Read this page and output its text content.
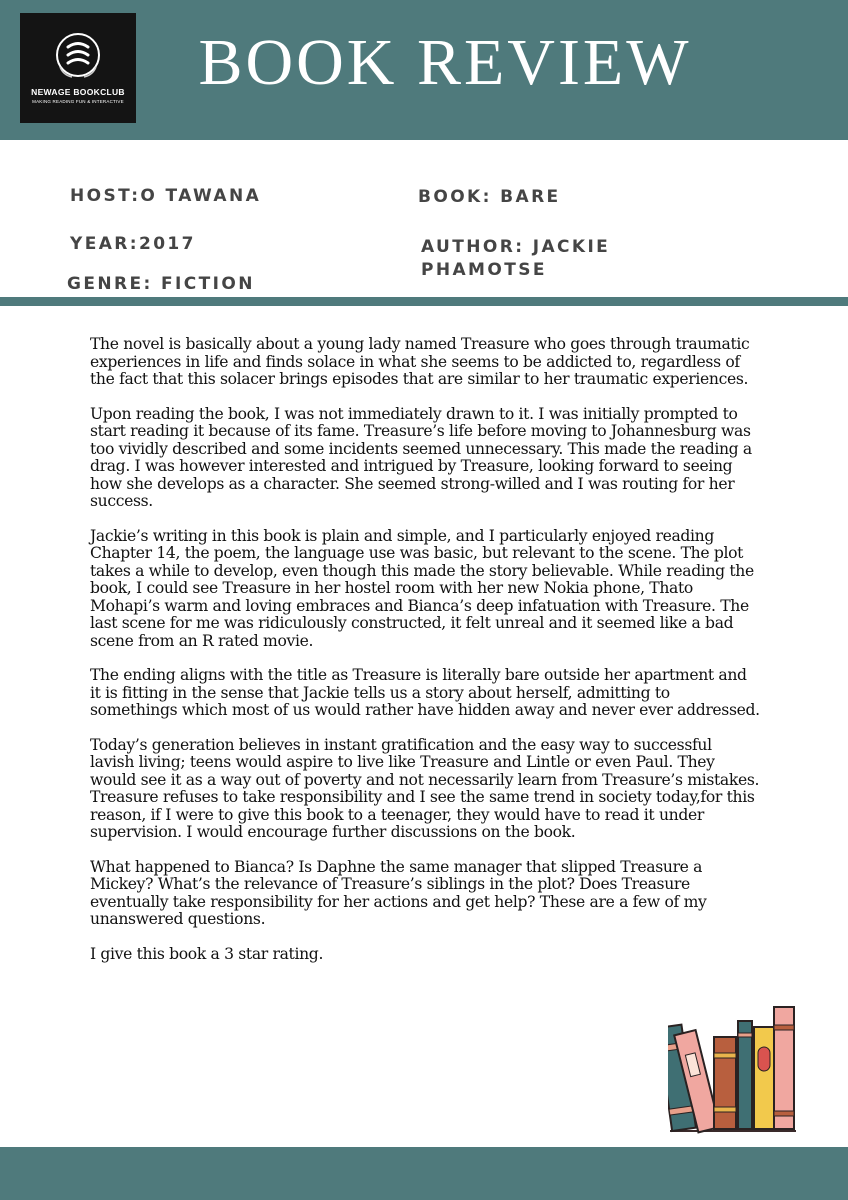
NEWAGE BOOKCLUB
MAKING READING FUN & INTERACTIVE
BOOK REVIEW
HOST:O TAWANA
YEAR:2017
GENRE: FICTION
BOOK: BARE
AUTHOR: JACKIE
PHAMOTSE

The novel is basically about a young lady named Treasure who goes through traumatic experiences in life and finds solace in what she seems to be addicted to, regardless of the fact that this solacer brings episodes that are similar to her traumatic experiences.

Upon reading the book, I was not immediately drawn to it. I was initially prompted to start reading it because of its fame. Treasure’s life before moving to Johannesburg was too vividly described and some incidents seemed unnecessary. This made the reading a drag. I was however interested and intrigued by Treasure, looking forward to seeing how she develops as a character. She seemed strong-willed and I was routing for her success.

Jackie’s writing in this book is plain and simple, and I particularly enjoyed reading Chapter 14, the poem, the language use was basic, but relevant to the scene. The plot takes a while to develop, even though this made the story believable. While reading the book, I could see Treasure in her hostel room with her new Nokia phone, Thato Mohapi’s warm and loving embraces and Bianca’s deep infatuation with Treasure. The last scene for me was ridiculously constructed, it felt unreal and it seemed like a bad scene from an R rated movie.

The ending aligns with the title as Treasure is literally bare outside her apartment and it is fitting in the sense that Jackie tells us a story about herself, admitting to somethings which most of us would rather have hidden away and never ever addressed.

Today’s generation believes in instant gratification and the easy way to successful lavish living; teens would aspire to live like Treasure and Lintle or even Paul. They would see it as a way out of poverty and not necessarily learn from Treasure’s mistakes. Treasure refuses to take responsibility and I see the same trend in society today,for this reason, if I were to give this book to a teenager, they would have to read it under supervision. I would encourage further discussions on the book.

What happened to Bianca? Is Daphne the same manager that slipped Treasure a Mickey? What’s the relevance of Treasure’s siblings in the plot? Does Treasure eventually take responsibility for her actions and get help? These are a few of my unanswered questions.

I give this book a 3 star rating.
